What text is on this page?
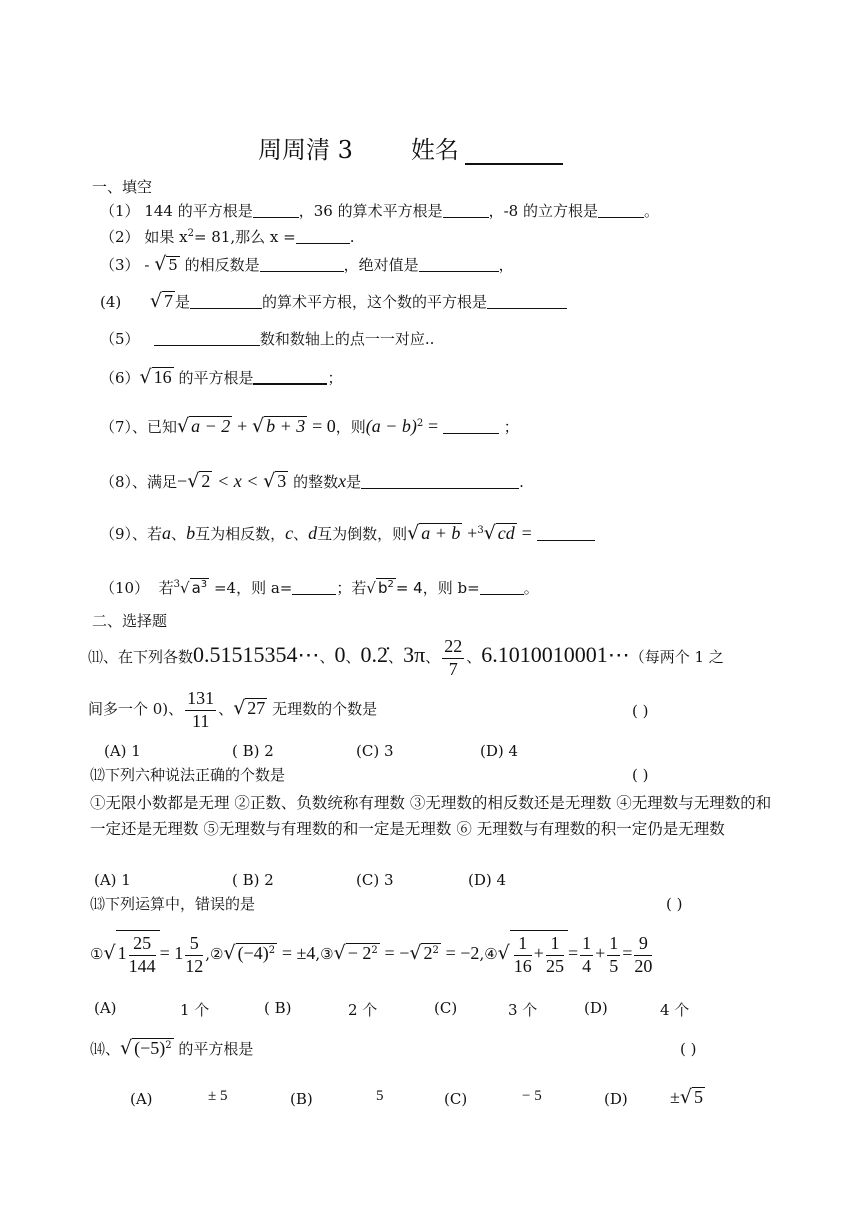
周周清 3 姓名
一、填空
（1） 144 的平方根是	，36 的算术平方根是	，-8 的立方根是	。
（2） 如果 $x^2= 81$,那么 x =	.
（3） - √ 5 的相反数是	，绝对值是	，
(4) √ 7 是	的算术平方根，这个数的平方根是
（5）	数和数轴上的点一一对应..
（6）√ 16 的平方根是	；
（7）、已知√ a − 2 + √ b + 3 = 0，则$(a - b)^2$ =	；
（8）、满足−√ 2 < x < √ 3 的整数x是	.
（9）、若a、b互为相反数，c、d互为倒数，则√ a + b +$^3$√ cd =
（10） 若$^3$√ $a^3 =4$，则 a=	；若√ $b^2 = 4$，则 b=	。
二、选择题
⑾、在下列各数0.51515354⋯、0、0.2̇、3π、 $\frac{22}{7}$ 、6.1010010001⋯（每两个 1 之
间多一个 0)、 $\frac{131}{11}$ 、√ 27 无理数的个数是	( )
(A) 1	( B) 2	(C) 3	(D) 4
⑿下列六种说法正确的个数是	( )
①无限小数都是无理 ②正数、负数统称有理数 ③无理数的相反数还是无理数 ④无理数与无理数的和一定还是无理数 ⑤无理数与有理数的和一定是无理数 ⑥ 无理数与有理数的积一定仍是无理数
(A) 1	( B) 2	(C) 3	(D) 4
⒀下列运算中，错误的是	( )
①√ $1 \frac{25}{144} = 1 \frac{5}{12}$ ,②√ $(-4)^2$ = ±4,③√ − $2^2$ = −√ $2^2$ = −2,④√ $\frac{1}{16} + \frac{1}{25} = \frac{1}{4} + \frac{1}{5} = \frac{9}{20}$
(A)	1 个	( B)	2 个	(C)	3 个	(D)	4 个
⒁、√ $(-5)^2$ 的平方根是	( )
(A)	± 5	(B)	5	(C)	− 5	(D) ±√ 5
